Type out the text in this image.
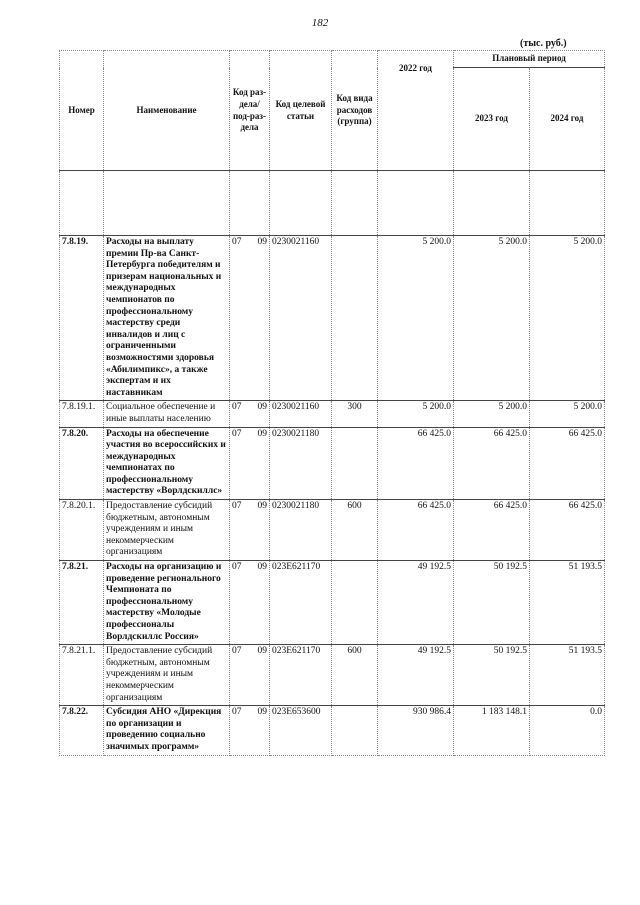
182
(тыс. руб.)
Номер	Наименование	Код раз-дела/ под-раз-дела	Код целевой статьи	Код вида расходов (группа)	2022 год	Плановый период	
						2023 год	2024 год

7.8.19.	Расходы на выплату премии Пр-ва Санкт-Петербурга победителям и призерам национальных и международных чемпионатов по профессиональному мастерству среди инвалидов и лиц с ограниченными возможностями здоровья «Абилимпикс», а также экспертам и их наставникам	07 09	0230021160		5 200.0	5 200.0	5 200.0
7.8.19.1.	Социальное обеспечение и иные выплаты населению	07 09	0230021160	300	5 200.0	5 200.0	5 200.0
7.8.20.	Расходы на обеспечение участия во всероссийских и международных чемпионатах по профессиональному мастерству «Ворлдскиллс»	07 09	0230021180		66 425.0	66 425.0	66 425.0
7.8.20.1.	Предоставление субсидий бюджетным, автономным учреждениям и иным некоммерческим организациям	07 09	0230021180	600	66 425.0	66 425.0	66 425.0
7.8.21.	Расходы на организацию и проведение регионального Чемпионата по профессиональному мастерству «Молодые профессионалы Ворлдскиллс Россия»	07 09	023Е621170		49 192.5	50 192.5	51 193.5
7.8.21.1.	Предоставление субсидий бюджетным, автономным учреждениям и иным некоммерческим организациям	07 09	023Е621170	600	49 192.5	50 192.5	51 193.5
7.8.22.	Субсидия АНО «Дирекция по организации и проведению социально значимых программ»	07 09	023Е653600		930 986.4	1 183 148.1	0.0
